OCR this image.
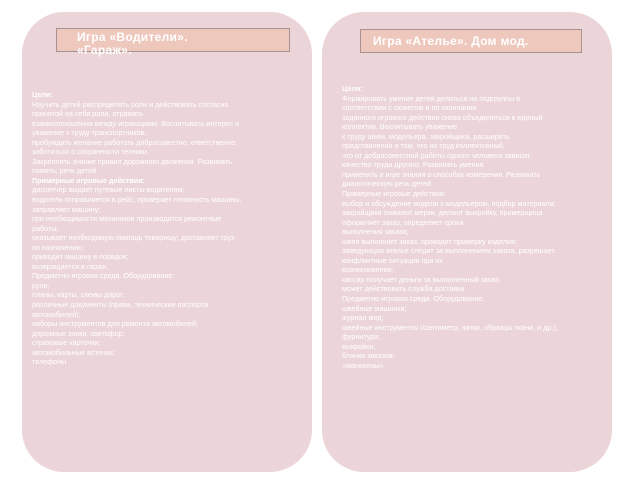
Игра «Водители».
«Гараж».
Цели:
Научить детей распределять роли и действовать согласно
принятой на себя роли, отражать
взаимоотношения между играющими. Воспитывать интерес и
уважение к труду транспортников,
пробуждать желание работать добросовестно, ответственно,
заботиться о сохранности техники.
Закреплять знание правил дорожного движения. Развивать
память, речь детей.
Примерные игровые действия:
диспетчер выдает путевые листы водителям;
водитель отправляется в рейс, проверяет готовность машины,
заправляет машину;
при необходимости механиков производятся ремонтные
работы;
оказывает необходимую помощь товарищу; доставляет груз
по назначению;
приводит машину в порядок;
возвращается в гараж.
Предметно-игровая среда. Оборудование:
рули;
планы, карты, схемы дорог;
различные документы (права, технические паспорта
автомобилей);
наборы инструментов для ремонта автомобилей;
дорожные знаки, светофор;
страховые карточки;
автомобильные аптечки;
телефоны
Игра «Ателье». Дом мод.
Цели:
Формировать умение детей делиться на подгруппы в
соответствии с сюжетом и по окончании
заданного игрового действия снова объединяться в единый
коллектив. Воспитывать уважение
к труду швеи, модельера, закройщика, расширять
представления о том, что их труд коллективный,
что от добросовестной работы одного человека зависит
качество труда другого. Развивать умения
применять в игре знания о способах измерения. Развивать
диалогическую речь детей.
Примерные игровые действия:
выбор и обсуждение модели с модельером, подбор материала;
закройщики снимают мерки, делают выкройку, примерщица
оформляет заказ, определяет сроки
выполнения заказа;
швея выполняет заказ, проводит примерку изделия;
заведующая ателье следит за выполнением заказа, разрешает
конфликтные ситуации при их
возникновении;
кассир получает деньги за выполненный заказ;
может действовать служба доставки.
Предметно-игровая среда. Оборудование:
швейные машинки;
журнал мод;
швейные инструменты (сантиметр, нитки, образцы ткани, и др.);
фурнитура;
выкройки;
бланки заказов;
«манекены».
